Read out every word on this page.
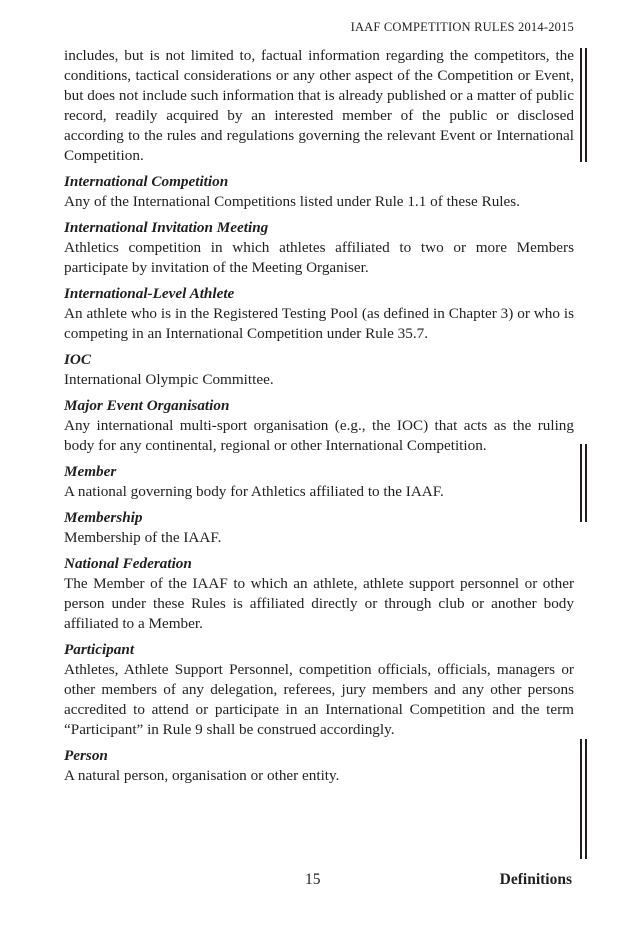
IAAF COMPETITION RULES 2014-2015

includes, but is not limited to, factual information regarding the competitors, the conditions, tactical considerations or any other aspect of the Competition or Event, but does not include such information that is already published or a matter of public record, readily acquired by an interested member of the public or disclosed according to the rules and regulations governing the relevant Event or International Competition.

International Competition
Any of the International Competitions listed under Rule 1.1 of these Rules.
International Invitation Meeting
Athletics competition in which athletes affiliated to two or more Members participate by invitation of the Meeting Organiser.
International-Level Athlete
An athlete who is in the Registered Testing Pool (as defined in Chapter 3) or who is competing in an International Competition under Rule 35.7.
IOC
International Olympic Committee.
Major Event Organisation
Any international multi-sport organisation (e.g., the IOC) that acts as the ruling body for any continental, regional or other International Competition.
Member
A national governing body for Athletics affiliated to the IAAF.
Membership
Membership of the IAAF.
National Federation
The Member of the IAAF to which an athlete, athlete support personnel or other person under these Rules is affiliated directly or through club or another body affiliated to a Member.
Participant
Athletes, Athlete Support Personnel, competition officials, officials, managers or other members of any delegation, referees, jury members and any other persons accredited to attend or participate in an International Competition and the term “Participant” in Rule 9 shall be construed accordingly.
Person
A natural person, organisation or other entity.
15	Definitions
